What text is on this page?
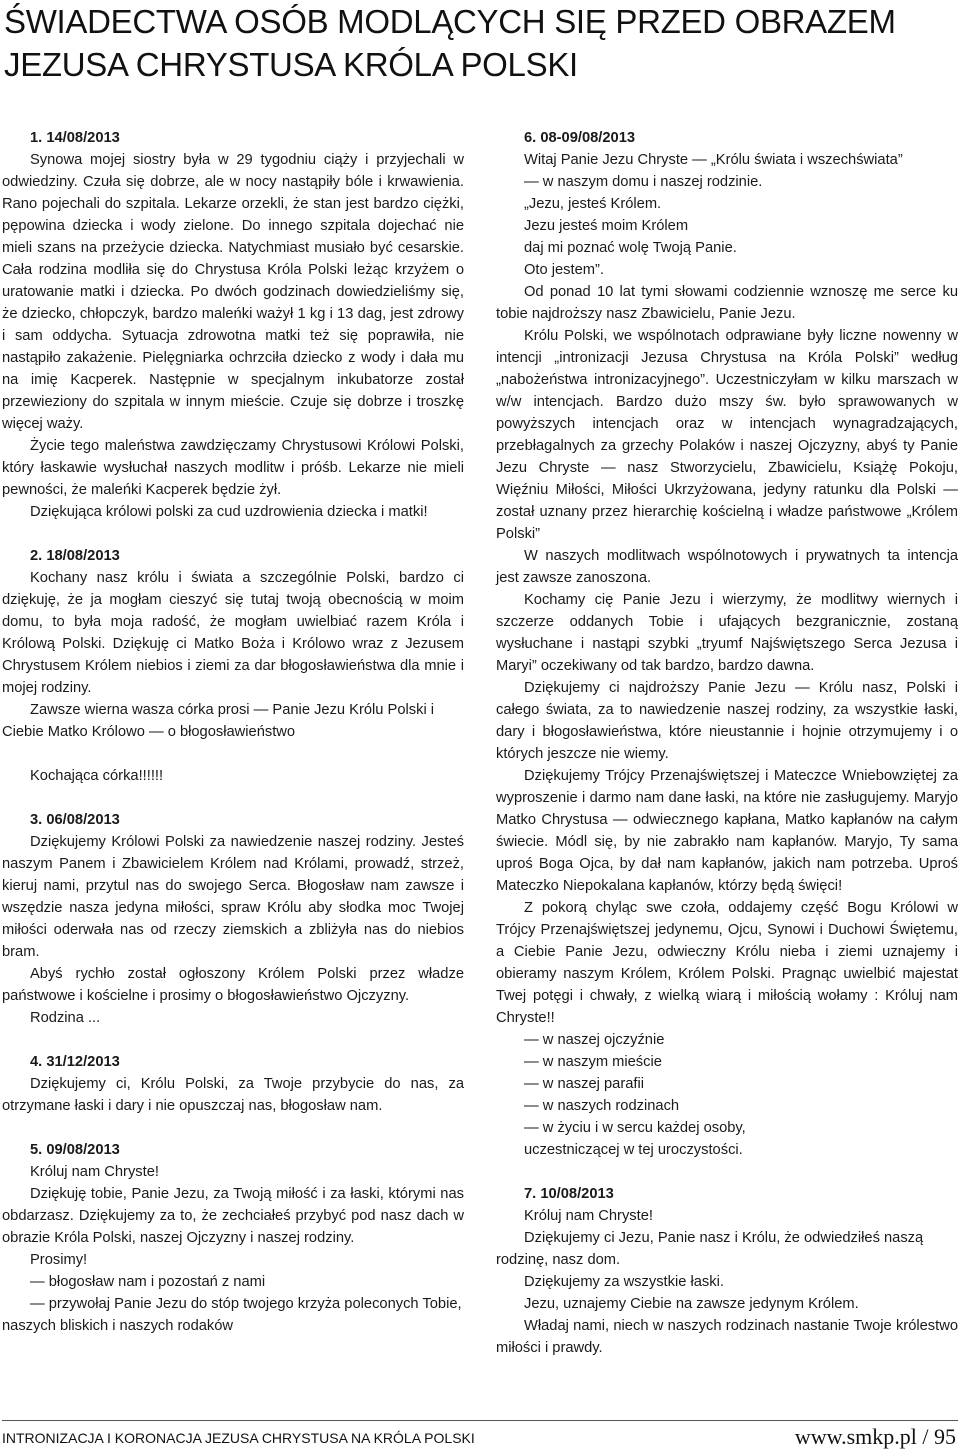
ŚWIADECTWA OSÓB MODLĄCYCH SIĘ PRZED OBRAZEM
JEZUSA CHRYSTUSA KRÓLA POLSKI
1. 14/08/2013

Synowa mojej siostry była w 29 tygodniu ciąży i przyjechali w odwiedziny. Czuła się dobrze, ale w nocy nastąpiły bóle i krwawienia. Rano pojechali do szpitala. Lekarze orzekli, że stan jest bardzo ciężki, pępowina dziecka i wody zielone. Do innego szpitala dojechać nie mieli szans na przeżycie dziecka. Natychmiast musiało być cesarskie. Cała rodzina modliła się do Chrystusa Króla Polski leżąc krzyżem o uratowanie matki i dziecka. Po dwóch godzinach dowiedzieliśmy się, że dziecko, chłopczyk, bardzo maleńki ważył 1 kg i 13 dag, jest zdrowy i sam oddycha. Sytuacja zdrowotna matki też się poprawiła, nie nastąpiło zakażenie. Pielęgniarka ochrzciła dziecko z wody i dała mu na imię Kacperek. Następnie w specjalnym inkubatorze został przewieziony do szpitala w innym mieście. Czuje się dobrze i troszkę więcej waży.

Życie tego maleństwa zawdzięczamy Chrystusowi Królowi Polski, który łaskawie wysłuchał naszych modlitw i próśb. Lekarze nie mieli pewności, że maleńki Kacperek będzie żył.

Dziękująca królowi polski za cud uzdrowienia dziecka i matki!

2. 18/08/2013

Kochany nasz królu i świata a szczególnie Polski, bardzo ci dziękuję, że ja mogłam cieszyć się tutaj twoją obecnością w moim domu, to była moja radość, że mogłam uwielbiać razem Króla i Królową Polski. Dziękuję ci Matko Boża i Królowo wraz z Jezusem Chrystusem Królem niebios i ziemi za dar błogosławieństwa dla mnie i mojej rodziny.

Zawsze wierna wasza córka prosi — Panie Jezu Królu Polski i Ciebie Matko Królowo — o błogosławieństwo

Kochająca córka!!!!!!
3. 06/08/2013

Dziękujemy Królowi Polski za nawiedzenie naszej rodziny. Jesteś naszym Panem i Zbawicielem Królem nad Królami, prowadź, strzeż, kieruj nami, przytul nas do swojego Serca. Błogosław nam zawsze i wszędzie nasza jedyna miłości, spraw Królu aby słodka moc Twojej miłości oderwała nas od rzeczy ziemskich a zbliżyła nas do niebios bram.

Abyś rychło został ogłoszony Królem Polski przez władze państwowe i kościelne i prosimy o błogosławieństwo Ojczyzny.

Rodzina ...
4. 31/12/2013

Dziękujemy ci, Królu Polski, za Twoje przybycie do nas, za otrzymane łaski i dary i nie opuszczaj nas, błogosław nam.

5. 09/08/2013
Króluj nam Chryste!

Dziękuję tobie, Panie Jezu, za Twoją miłość i za łaski, którymi nas obdarzasz. Dziękujemy za to, że zechciałeś przybyć pod nasz dach w obrazie Króla Polski, naszej Ojczyzny i naszej rodziny.

Prosimy!
— błogosław nam i pozostań z nami

— przywołaj Panie Jezu do stóp twojego krzyża poleconych Tobie, naszych bliskich i naszych rodaków

6. 08-09/08/2013
Witaj Panie Jezu Chryste — „Królu świata i wszechświata”
— w naszym domu i naszej rodzinie.
„Jezu, jesteś Królem.
Jezu jesteś moim Królem
daj mi poznać wolę Twoją Panie.
Oto jestem”.

Od ponad 10 lat tymi słowami codziennie wznoszę me serce ku tobie najdroższy nasz Zbawicielu, Panie Jezu.

Królu Polski, we wspólnotach odprawiane były liczne nowenny w intencji „intronizacji Jezusa Chrystusa na Króla Polski” według „nabożeństwa intronizacyjnego”. Uczestniczyłam w kilku marszach w w/w intencjach. Bardzo dużo mszy św. było sprawowanych w powyższych intencjach oraz w intencjach wynagradzających, przebłagalnych za grzechy Polaków i naszej Ojczyzny, abyś ty Panie Jezu Chryste — nasz Stworzycielu, Zbawicielu, Książę Pokoju, Więźniu Miłości, Miłości Ukrzyżowana, jedyny ratunku dla Polski — został uznany przez hierarchię kościelną i władze państwowe „Królem Polski”

W naszych modlitwach wspólnotowych i prywatnych ta intencja jest zawsze zanoszona.

Kochamy cię Panie Jezu i wierzymy, że modlitwy wiernych i szczerze oddanych Tobie i ufających bezgranicznie, zostaną wysłuchane i nastąpi szybki „tryumf Najświętszego Serca Jezusa i Maryi” oczekiwany od tak bardzo, bardzo dawna.

Dziękujemy ci najdroższy Panie Jezu — Królu nasz, Polski i całego świata, za to nawiedzenie naszej rodziny, za wszystkie łaski, dary i błogosławieństwa, które nieustannie i hojnie otrzymujemy i o których jeszcze nie wiemy.

Dziękujemy Trójcy Przenajświętszej i Mateczce Wniebowziętej za wyproszenie i darmo nam dane łaski, na które nie zasługujemy. Maryjo Matko Chrystusa — odwiecznego kapłana, Matko kapłanów na całym świecie. Módl się, by nie zabrakło nam kapłanów. Maryjo, Ty sama uproś Boga Ojca, by dał nam kapłanów, jakich nam potrzeba. Uproś Mateczko Niepokalana kapłanów, którzy będą święci!

Z pokorą chyląc swe czoła, oddajemy część Bogu Królowi w Trójcy Przenajświętszej jedynemu, Ojcu, Synowi i Duchowi Świętemu, a Ciebie Panie Jezu, odwieczny Królu nieba i ziemi uznajemy i obieramy naszym Królem, Królem Polski. Pragnąc uwielbić majestat Twej potęgi i chwały, z wielką wiarą i miłością wołamy : Króluj nam Chryste!!

— w naszej ojczyźnie
— w naszym mieście
— w naszej parafii
— w naszych rodzinach
— w życiu i w sercu każdej osoby,
uczestniczącej w tej uroczystości.
7. 10/08/2013
Króluj nam Chryste!

Dziękujemy ci Jezu, Panie nasz i Królu, że odwiedziłeś naszą rodzinę, nasz dom.

Dziękujemy za wszystkie łaski.
Jezu, uznajemy Ciebie na zawsze jedynym Królem.

Władaj nami, niech w naszych rodzinach nastanie Twoje królestwo miłości i prawdy.

INTRONIZACJA I KORONACJA JEZUSA CHRYSTUSA NA KRÓLA POLSKI	www.smkp.pl / 95
